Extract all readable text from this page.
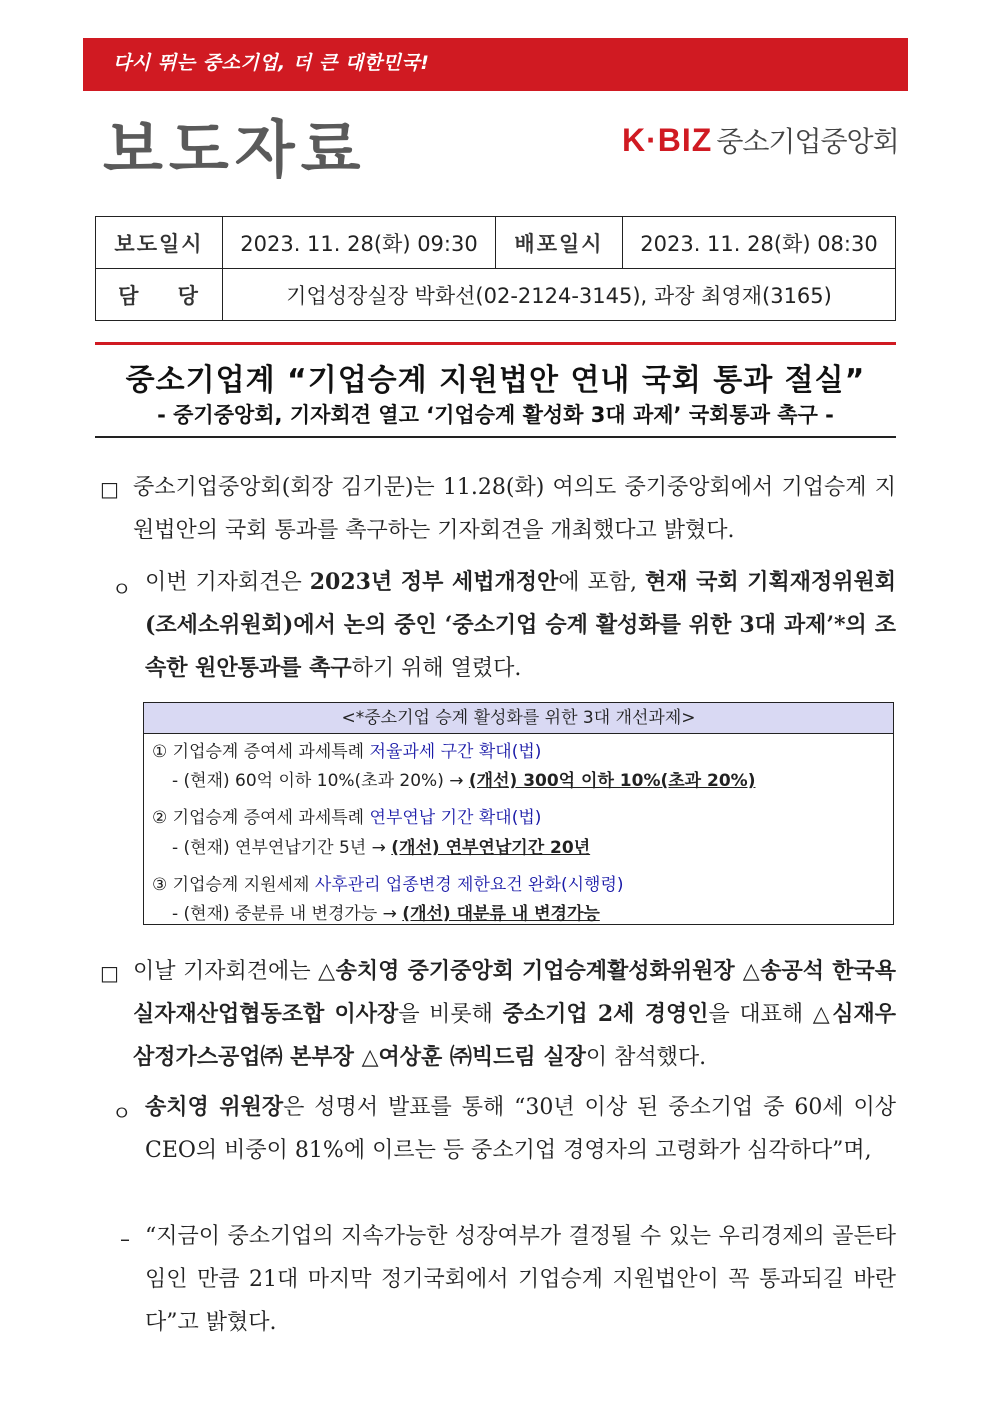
다시 뛰는 중소기업, 더 큰 대한민국!
보도자료	K·BIZ 중소기업중앙회
보도일시	2023. 11. 28(화) 09:30	배포일시	2023. 11. 28(화) 08:30
담    당	기업성장실장 박화선(02-2124-3145), 과장 최영재(3165)		
중소기업계 “기업승계 지원법안 연내 국회 통과 절실”
- 중기중앙회, 기자회견 열고 ‘기업승계 활성화 3대 과제’ 국회통과 촉구 -
□ 중소기업중앙회(회장 김기문)는 11.28(화) 여의도 중기중앙회에서 기업승계 지원법안의 국회 통과를 촉구하는 기자회견을 개최했다고 밝혔다.
ㅇ 이번 기자회견은 2023년 정부 세법개정안에 포함, 현재 국회 기획재정위원회(조세소위원회)에서 논의 중인 ‘중소기업 승계 활성화를 위한 3대 과제’*의 조속한 원안통과를 촉구하기 위해 열렸다.
<*중소기업 승계 활성화를 위한 3대 개선과제>
① 기업승계 증여세 과세특례 저율과세 구간 확대(법)
- (현재) 60억 이하 10%(초과 20%) → (개선) 300억 이하 10%(초과 20%)
② 기업승계 증여세 과세특례 연부연납 기간 확대(법)
- (현재) 연부연납기간 5년 → (개선) 연부연납기간 20년
③ 기업승계 지원세제 사후관리 업종변경 제한요건 완화(시행령)
- (현재) 중분류 내 변경가능 → (개선) 대분류 내 변경가능
□ 이날 기자회견에는 △송치영 중기중앙회 기업승계활성화위원장 △송공석 한국욕실자재산업협동조합 이사장을 비롯해 중소기업 2세 경영인을 대표해 △심재우 삼정가스공업㈜ 본부장 △여상훈 ㈜빅드림 실장이 참석했다.
ㅇ 송치영 위원장은 성명서 발표를 통해 “30년 이상 된 중소기업 중 60세 이상 CEO의 비중이 81%에 이르는 등 중소기업 경영자의 고령화가 심각하다”며,
– “지금이 중소기업의 지속가능한 성장여부가 결정될 수 있는 우리경제의 골든타임인 만큼 21대 마지막 정기국회에서 기업승계 지원법안이 꼭 통과되길 바란다”고 밝혔다.
